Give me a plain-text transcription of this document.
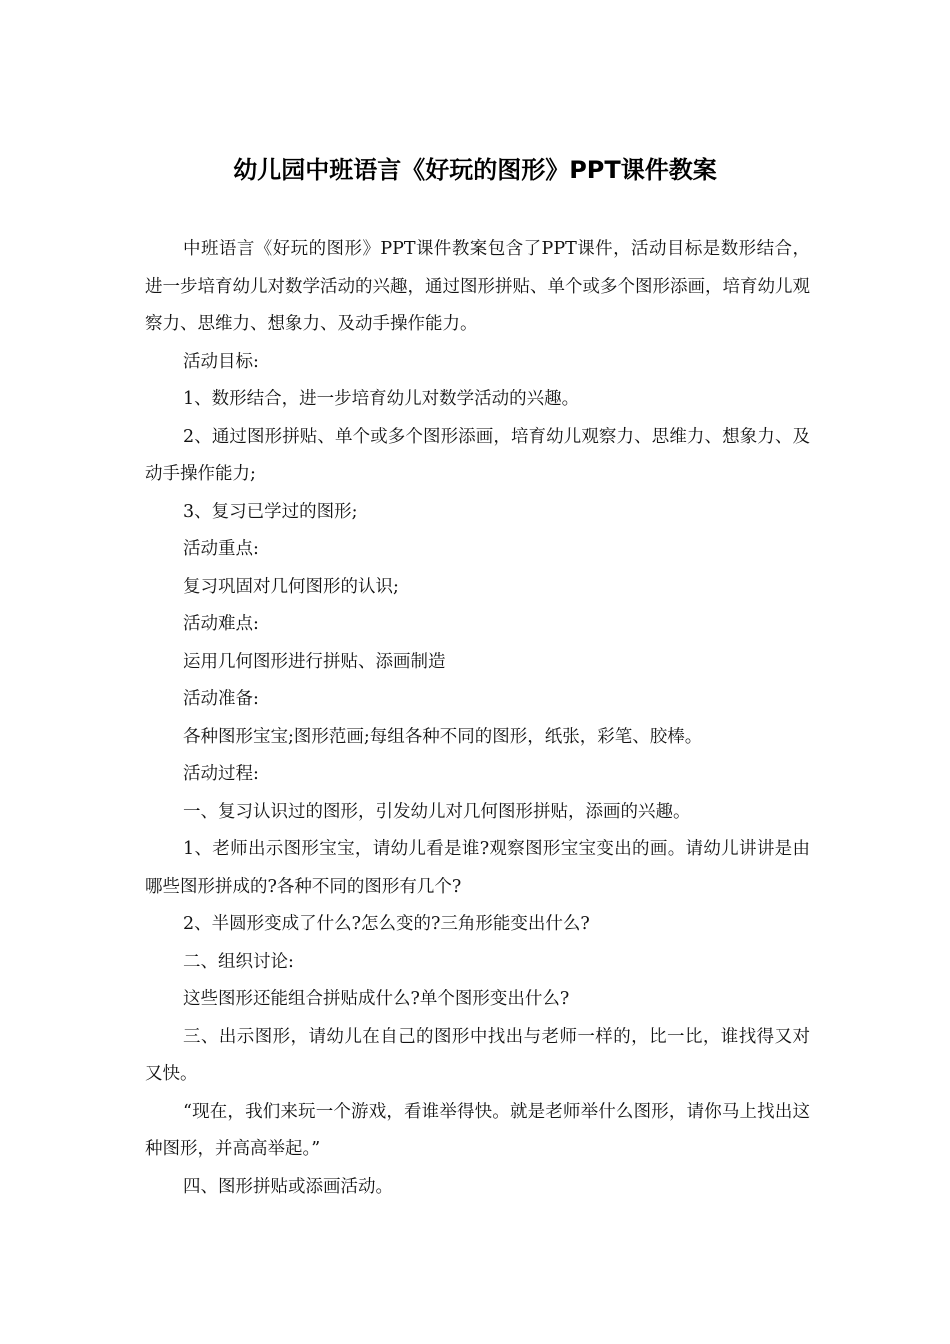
幼儿园中班语言《好玩的图形》PPT课件教案

中班语言《好玩的图形》PPT课件教案包含了PPT课件，活动目标是数形结合，进一步培育幼儿对数学活动的兴趣，通过图形拼贴、单个或多个图形添画，培育幼儿观察力、思维力、想象力、及动手操作能力。

活动目标:

1、数形结合，进一步培育幼儿对数学活动的兴趣。

2、通过图形拼贴、单个或多个图形添画，培育幼儿观察力、思维力、想象力、及动手操作能力;

3、复习已学过的图形;

活动重点:

复习巩固对几何图形的认识;

活动难点:

运用几何图形进行拼贴、添画制造

活动准备:

各种图形宝宝;图形范画;每组各种不同的图形，纸张，彩笔、胶棒。

活动过程:

一、复习认识过的图形，引发幼儿对几何图形拼贴，添画的兴趣。

1、老师出示图形宝宝，请幼儿看是谁?观察图形宝宝变出的画。请幼儿讲讲是由哪些图形拼成的?各种不同的图形有几个?

2、半圆形变成了什么?怎么变的?三角形能变出什么?

二、组织讨论:

这些图形还能组合拼贴成什么?单个图形变出什么?

三、出示图形，请幼儿在自己的图形中找出与老师一样的，比一比，谁找得又对又快。

“现在，我们来玩一个游戏，看谁举得快。就是老师举什么图形，请你马上找出这种图形，并高高举起。”

四、图形拼贴或添画活动。
